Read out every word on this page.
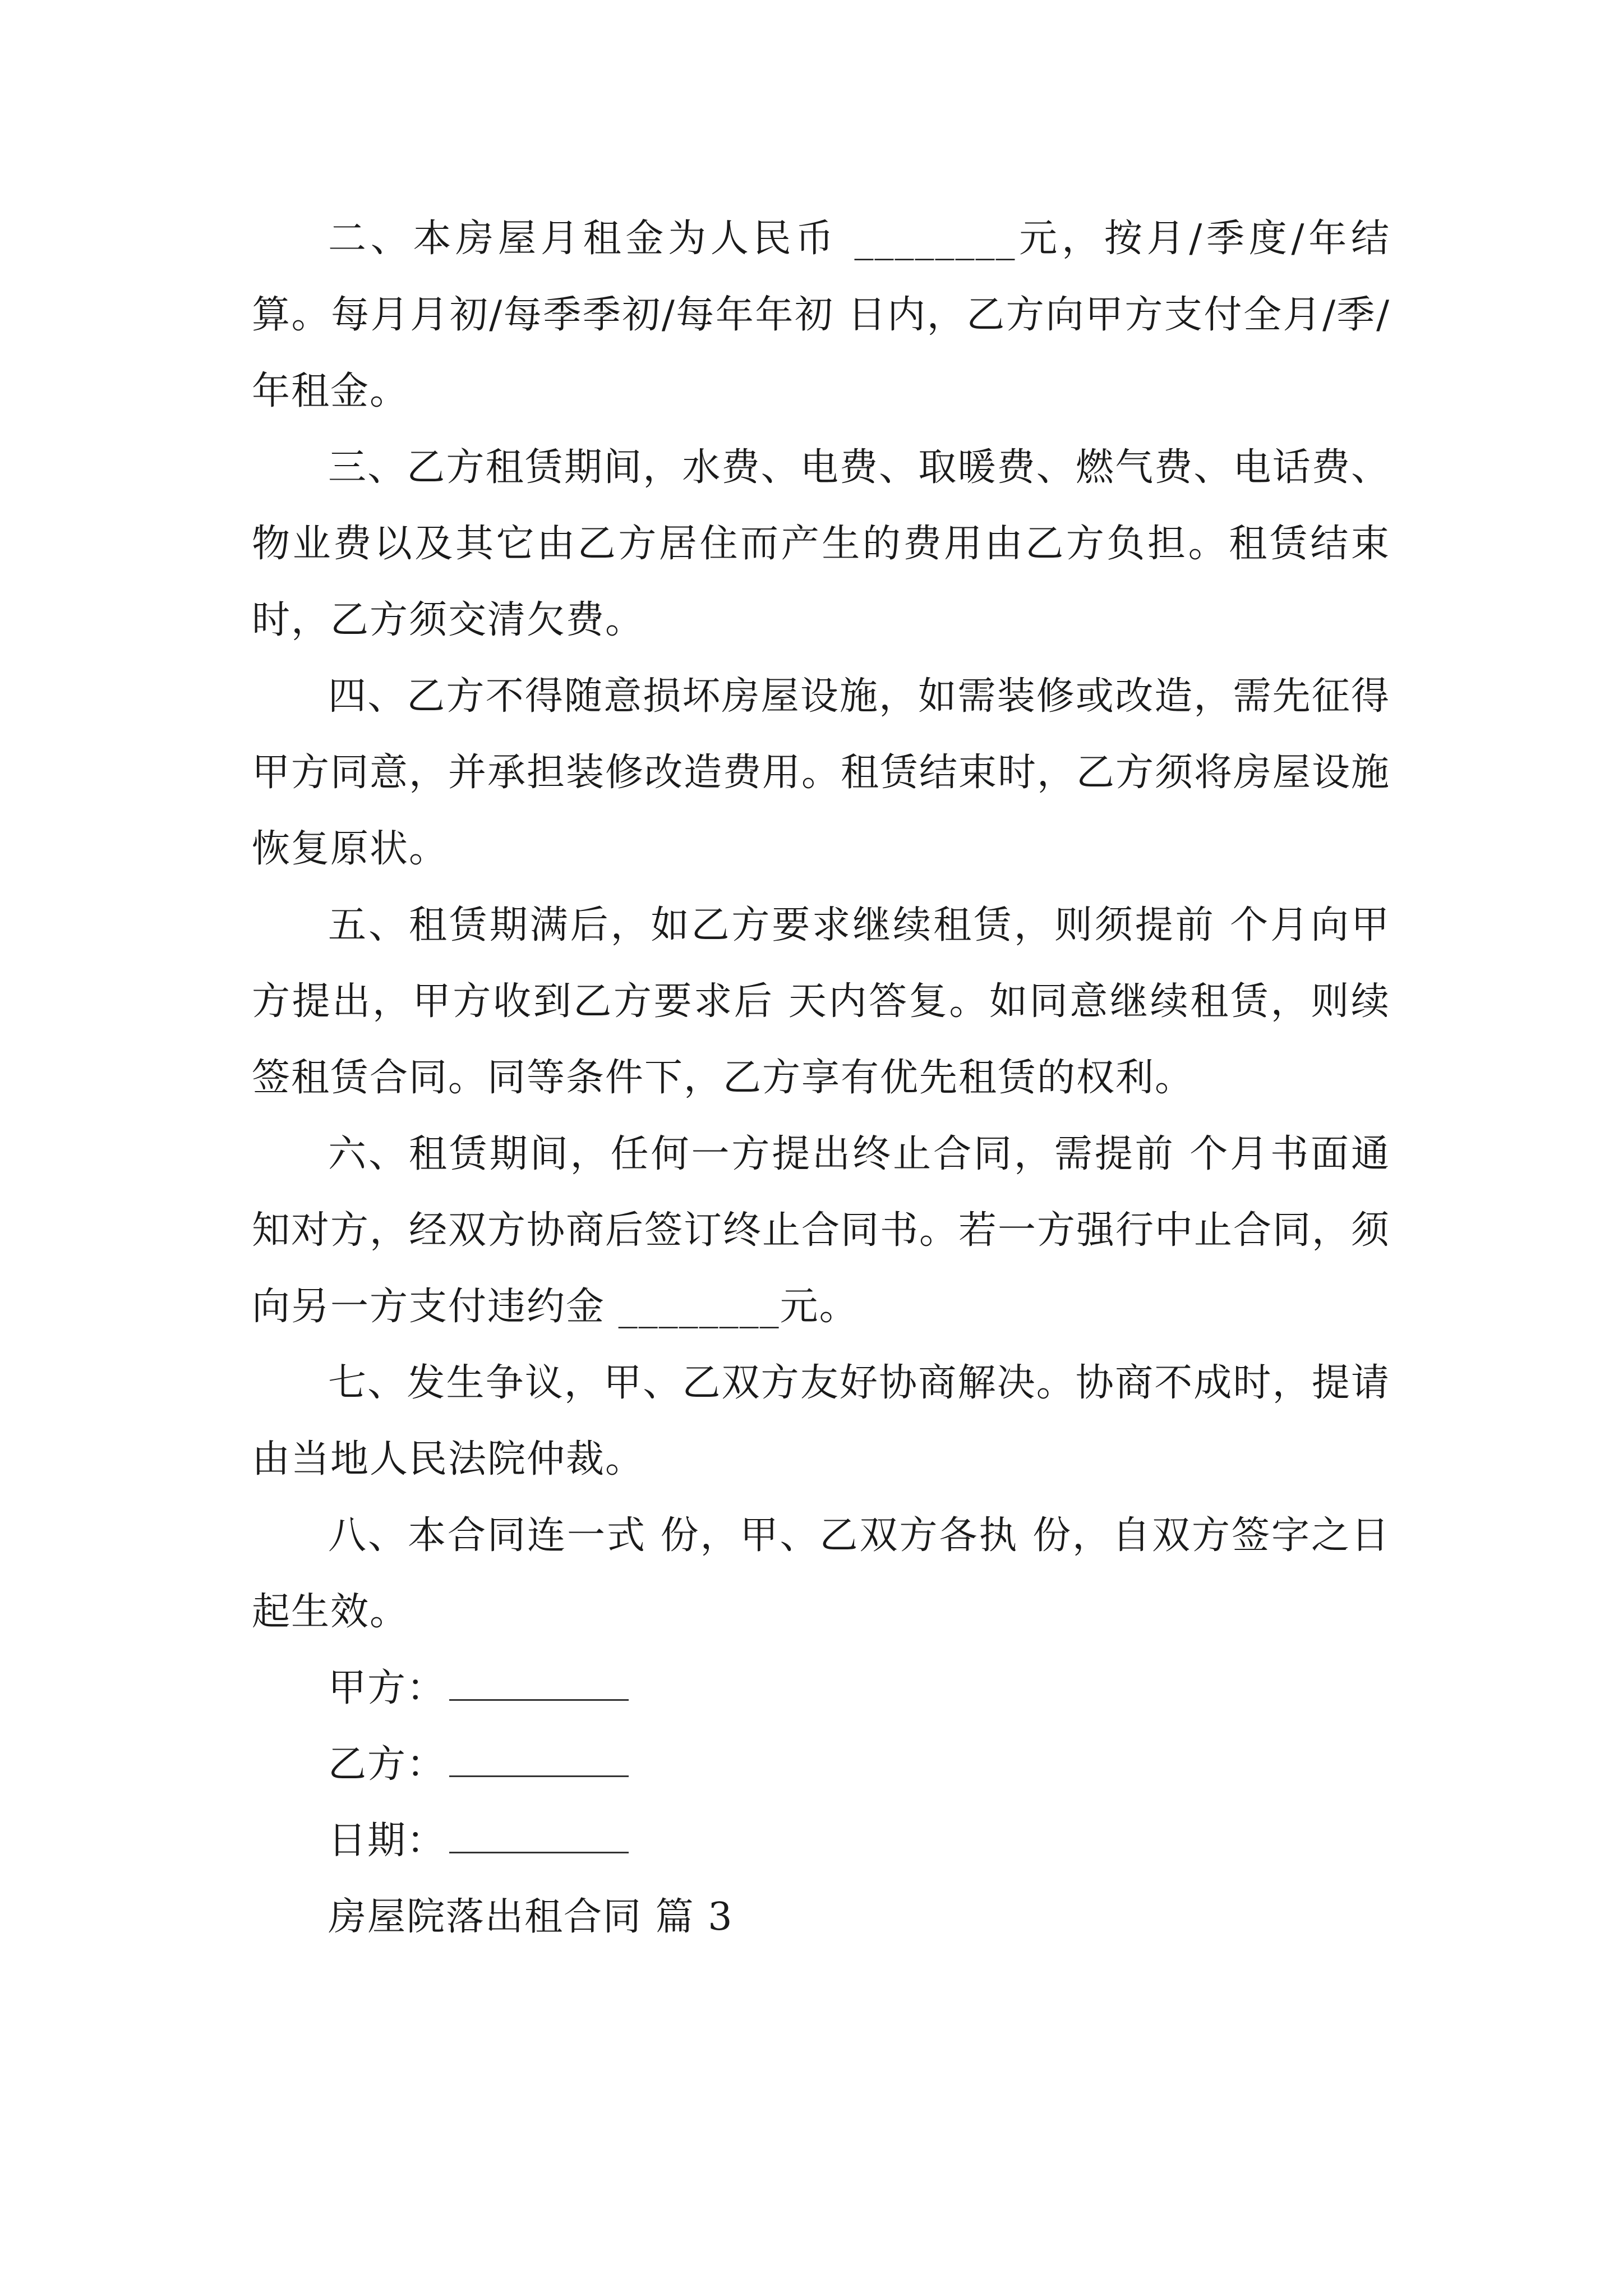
二、本房屋月租金为人民币 ________元，按月/季度/年结算。每月月初/每季季初/每年年初 日内，乙方向甲方支付全月/季/年租金。

三、乙方租赁期间，水费、电费、取暖费、燃气费、电话费、物业费以及其它由乙方居住而产生的费用由乙方负担。租赁结束时，乙方须交清欠费。

四、乙方不得随意损坏房屋设施，如需装修或改造，需先征得甲方同意，并承担装修改造费用。租赁结束时，乙方须将房屋设施恢复原状。

五、租赁期满后，如乙方要求继续租赁，则须提前 个月向甲方提出，甲方收到乙方要求后 天内答复。如同意继续租赁，则续签租赁合同。同等条件下，乙方享有优先租赁的权利。

六、租赁期间，任何一方提出终止合同，需提前 个月书面通知对方，经双方协商后签订终止合同书。若一方强行中止合同，须向另一方支付违约金 ________元。

七、发生争议，甲、乙双方友好协商解决。协商不成时，提请由当地人民法院仲裁。

八、本合同连一式 份，甲、乙双方各执 份，自双方签字之日起生效。

甲方：

乙方：

日期：

房屋院落出租合同 篇 3
